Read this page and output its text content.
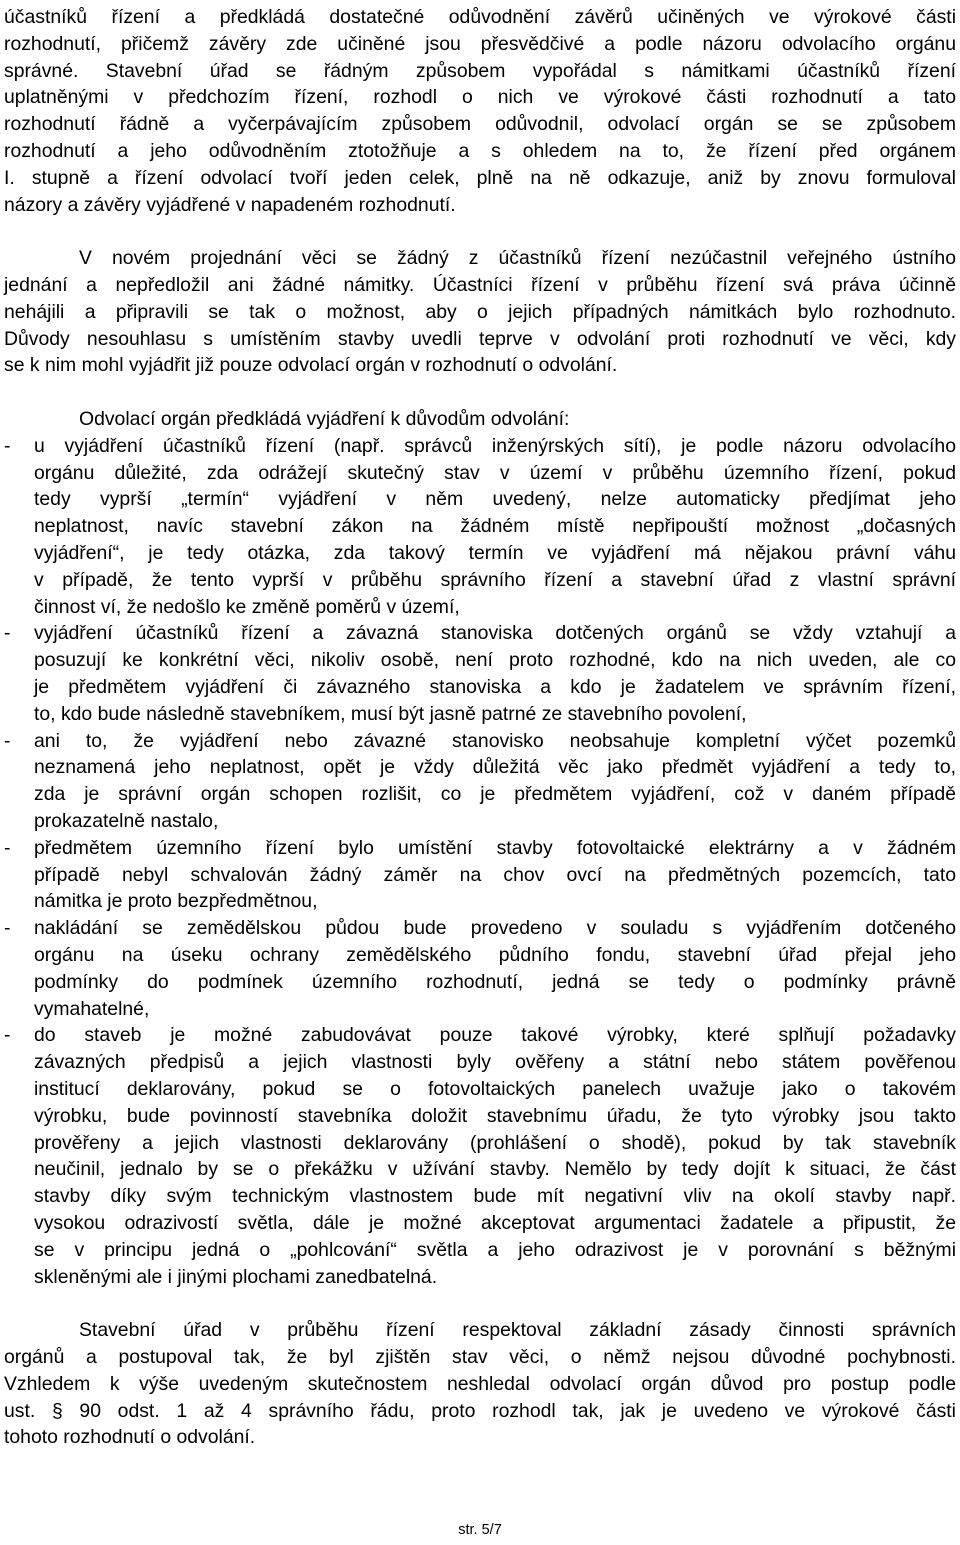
účastníků řízení a předkládá dostatečné odůvodnění závěrů učiněných ve výrokové části
rozhodnutí, přičemž závěry zde učiněné jsou přesvědčivé a podle názoru odvolacího orgánu
správné. Stavební úřad se řádným způsobem vypořádal s námitkami účastníků řízení
uplatněnými v předchozím řízení, rozhodl o nich ve výrokové části rozhodnutí a tato
rozhodnutí řádně a vyčerpávajícím způsobem odůvodnil, odvolací orgán se se způsobem
rozhodnutí a jeho odůvodněním ztotožňuje a s ohledem na to, že řízení před orgánem
I. stupně a řízení odvolací tvoří jeden celek, plně na ně odkazuje, aniž by znovu formuloval
názory a závěry vyjádřené v napadeném rozhodnutí.
V novém projednání věci se žádný z účastníků řízení nezúčastnil veřejného ústního
jednání a nepředložil ani žádné námitky. Účastníci řízení v průběhu řízení svá práva účinně
nehájili a připravili se tak o možnost, aby o jejich případných námitkách bylo rozhodnuto.
Důvody nesouhlasu s umístěním stavby uvedli teprve v odvolání proti rozhodnutí ve věci, kdy
se k nim mohl vyjádřit již pouze odvolací orgán v rozhodnutí o odvolání.
Odvolací orgán předkládá vyjádření k důvodům odvolání:
-	u vyjádření účastníků řízení (např. správců inženýrských sítí), je podle názoru odvolacího
orgánu důležité, zda odrážejí skutečný stav v území v průběhu územního řízení, pokud
tedy vyprší „termín“ vyjádření v něm uvedený, nelze automaticky předjímat jeho
neplatnost, navíc stavební zákon na žádném místě nepřipouští možnost „dočasných
vyjádření“, je tedy otázka, zda takový termín ve vyjádření má nějakou právní váhu
v případě, že tento vyprší v průběhu správního řízení a stavební úřad z vlastní správní
činnost ví, že nedošlo ke změně poměrů v území,
-	vyjádření účastníků řízení a závazná stanoviska dotčených orgánů se vždy vztahují a
posuzují ke konkrétní věci, nikoliv osobě, není proto rozhodné, kdo na nich uveden, ale co
je předmětem vyjádření či závazného stanoviska a kdo je žadatelem ve správním řízení,
to, kdo bude následně stavebníkem, musí být jasně patrné ze stavebního povolení,
-	ani to, že vyjádření nebo závazné stanovisko neobsahuje kompletní výčet pozemků
neznamená jeho neplatnost, opět je vždy důležitá věc jako předmět vyjádření a tedy to,
zda je správní orgán schopen rozlišit, co je předmětem vyjádření, což v daném případě
prokazatelně nastalo,
-	předmětem územního řízení bylo umístění stavby fotovoltaické elektrárny a v žádném
případě nebyl schvalován žádný záměr na chov ovcí na předmětných pozemcích, tato
námitka je proto bezpředmětnou,
-	nakládání se zemědělskou půdou bude provedeno v souladu s vyjádřením dotčeného
orgánu na úseku ochrany zemědělského půdního fondu, stavební úřad přejal jeho
podmínky do podmínek územního rozhodnutí, jedná se tedy o podmínky právně
vymahatelné,
-	do staveb je možné zabudovávat pouze takové výrobky, které splňují požadavky
závazných předpisů a jejich vlastnosti byly ověřeny a státní nebo státem pověřenou
institucí deklarovány, pokud se o fotovoltaických panelech uvažuje jako o takovém
výrobku, bude povinností stavebníka doložit stavebnímu úřadu, že tyto výrobky jsou takto
prověřeny a jejich vlastnosti deklarovány (prohlášení o shodě), pokud by tak stavebník
neučinil, jednalo by se o překážku v užívání stavby. Nemělo by tedy dojít k situaci, že část
stavby díky svým technickým vlastnostem bude mít negativní vliv na okolí stavby např.
vysokou odrazivostí světla, dále je možné akceptovat argumentaci žadatele a připustit, že
se v principu jedná o „pohlcování“ světla a jeho odrazivost je v porovnání s běžnými
skleněnými ale i jinými plochami zanedbatelná.
Stavební úřad v průběhu řízení respektoval základní zásady činnosti správních
orgánů a postupoval tak, že byl zjištěn stav věci, o němž nejsou důvodné pochybnosti.
Vzhledem k výše uvedeným skutečnostem neshledal odvolací orgán důvod pro postup podle
ust. § 90 odst. 1 až 4 správního řádu, proto rozhodl tak, jak je uvedeno ve výrokové části
tohoto rozhodnutí o odvolání.
str. 5/7
